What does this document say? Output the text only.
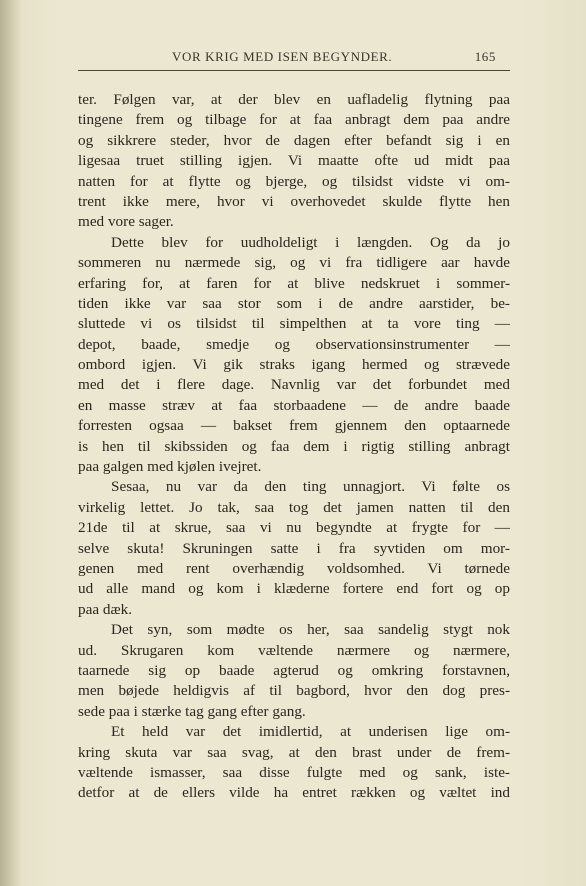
VOR KRIG MED ISEN BEGYNDER.	165
ter. Følgen var, at der blev en uafladelig flytning paa
tingene frem og tilbage for at faa anbragt dem paa andre
og sikkrere steder, hvor de dagen efter befandt sig i en
ligesaa truet stilling igjen. Vi maatte ofte ud midt paa
natten for at flytte og bjerge, og tilsidst vidste vi om-
trent ikke mere, hvor vi overhovedet skulde flytte hen
med vore sager.
Dette blev for uudholdeligt i længden. Og da jo
sommeren nu nærmede sig, og vi fra tidligere aar havde
erfaring for, at faren for at blive nedskruet i sommer-
tiden ikke var saa stor som i de andre aarstider, be-
sluttede vi os tilsidst til simpelthen at ta vore ting —
depot, baade, smedje og observationsinstrumenter —
ombord igjen. Vi gik straks igang hermed og strævede
med det i flere dage. Navnlig var det forbundet med
en masse stræv at faa storbaadene — de andre baade
forresten ogsaa — bakset frem gjennem den optaarnede
is hen til skibssiden og faa dem i rigtig stilling anbragt
paa galgen med kjølen ivejret.
Sesaa, nu var da den ting unnagjort. Vi følte os
virkelig lettet. Jo tak, saa tog det jamen natten til den
21de til at skrue, saa vi nu begyndte at frygte for —
selve skuta! Skruningen satte i fra syvtiden om mor-
genen med rent overhændig voldsomhed. Vi tørnede
ud alle mand og kom i klæderne fortere end fort og op
paa dæk.
Det syn, som mødte os her, saa sandelig stygt nok
ud. Skrugaren kom væltende nærmere og nærmere,
taarnede sig op baade agterud og omkring forstavnen,
men bøjede heldigvis af til bagbord, hvor den dog pres-
sede paa i stærke tag gang efter gang.
Et held var det imidlertid, at underisen lige om-
kring skuta var saa svag, at den brast under de frem-
væltende ismasser, saa disse fulgte med og sank, iste-
detfor at de ellers vilde ha entret rækken og væltet ind
